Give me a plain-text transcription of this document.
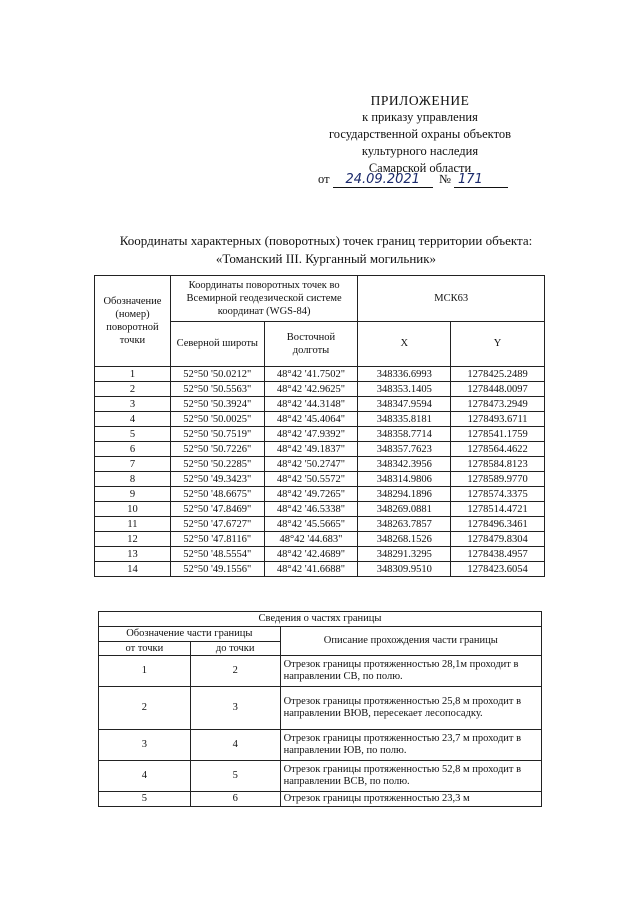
ПРИЛОЖЕНИЕ
к приказу управления
государственной охраны объектов
культурного наследия
Самарской области
от 24.09.2021 № 171
Координаты характерных (поворотных) точек границ территории объекта:
«Томанский III. Курганный могильник»
Обозначение (номер) поворотной точки	Координаты поворотных точек во Всемирной геодезической системе координат (WGS-84)		МСК63	
	Северной широты	Восточной долготы	X	Y
1	52°50 '50.0212"	48°42 '41.7502"	348336.6993	1278425.2489
2	52°50 '50.5563"	48°42 '42.9625"	348353.1405	1278448.0097
3	52°50 '50.3924"	48°42 '44.3148"	348347.9594	1278473.2949
4	52°50 '50.0025"	48°42 '45.4064"	348335.8181	1278493.6711
5	52°50 '50.7519"	48°42 '47.9392"	348358.7714	1278541.1759
6	52°50 '50.7226"	48°42 '49.1837"	348357.7623	1278564.4622
7	52°50 '50.2285"	48°42 '50.2747"	348342.3956	1278584.8123
8	52°50 '49.3423"	48°42 '50.5572"	348314.9806	1278589.9770
9	52°50 '48.6675"	48°42 '49.7265"	348294.1896	1278574.3375
10	52°50 '47.8469"	48°42 '46.5338"	348269.0881	1278514.4721
11	52°50 '47.6727"	48°42 '45.5665"	348263.7857	1278496.3461
12	52°50 '47.8116"	48°42 '44.683"	348268.1526	1278479.8304
13	52°50 '48.5554"	48°42 '42.4689"	348291.3295	1278438.4957
14	52°50 '49.1556"	48°42 '41.6688"	348309.9510	1278423.6054
Сведения о частях границы		
Обозначение части границы		Описание прохождения части границы
от точки	до точки	
1	2	Отрезок границы протяженностью 28,1м проходит в направлении СВ, по полю.
2	3	Отрезок границы протяженностью 25,8 м проходит в направлении ВЮВ, пересекает лесопосадку.
3	4	Отрезок границы протяженностью 23,7 м проходит в направлении ЮВ, по полю.
4	5	Отрезок границы протяженностью 52,8 м проходит в направлении ВСВ, по полю.
5	6	Отрезок границы протяженностью 23,3 м
